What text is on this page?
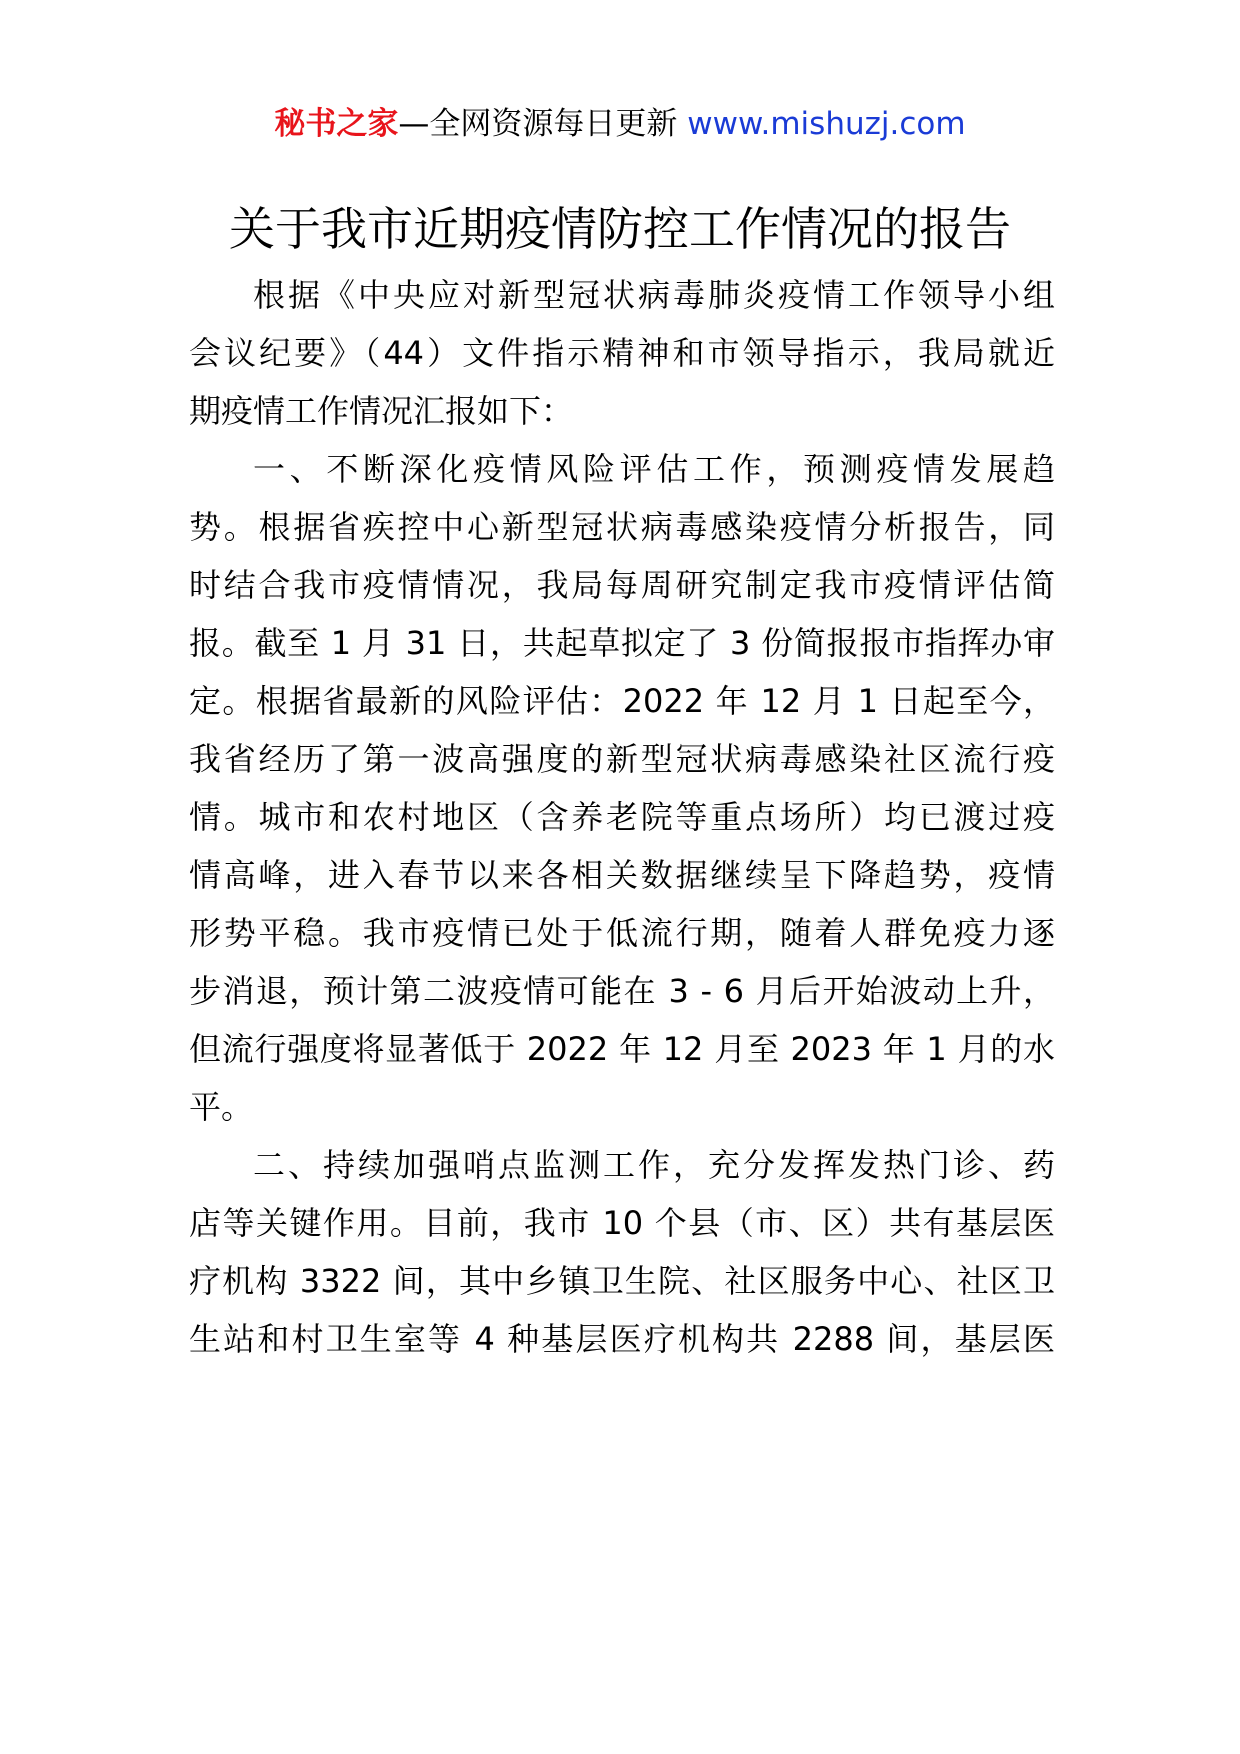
秘书之家—全网资源每日更新 www.mishuzj.com
关于我市近期疫情防控工作情况的报告
根据《中央应对新型冠状病毒肺炎疫情工作领导小组
会议纪要》（44）文件指示精神和市领导指示，我局就近
期疫情工作情况汇报如下：
一、不断深化疫情风险评估工作，预测疫情发展趋
势。根据省疾控中心新型冠状病毒感染疫情分析报告，同
时结合我市疫情情况，我局每周研究制定我市疫情评估简
报。截至 1 月 31 日，共起草拟定了 3 份简报报市指挥办审
定。根据省最新的风险评估：2022 年 12 月 1 日起至今，
我省经历了第一波高强度的新型冠状病毒感染社区流行疫
情。城市和农村地区（含养老院等重点场所）均已渡过疫
情高峰，进入春节以来各相关数据继续呈下降趋势，疫情
形势平稳。我市疫情已处于低流行期，随着人群免疫力逐
步消退，预计第二波疫情可能在 3 - 6 月后开始波动上升，
但流行强度将显著低于 2022 年 12 月至 2023 年 1 月的水
平。
二、持续加强哨点监测工作，充分发挥发热门诊、药
店等关键作用。目前，我市 10 个县（市、区）共有基层医
疗机构 3322 间，其中乡镇卫生院、社区服务中心、社区卫
生站和村卫生室等 4 种基层医疗机构共 2288 间，基层医
